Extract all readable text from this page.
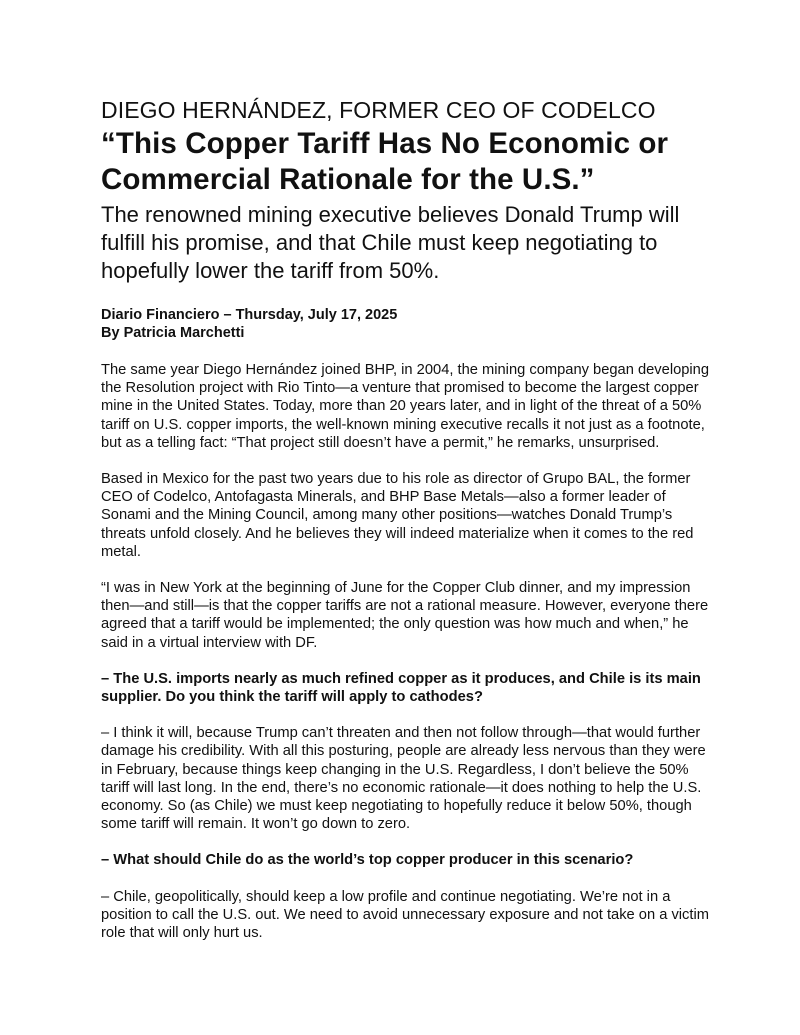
DIEGO HERNÁNDEZ, FORMER CEO OF CODELCO
“This Copper Tariff Has No Economic or Commercial Rationale for the U.S.”

The renowned mining executive believes Donald Trump will fulfill his promise, and that Chile must keep negotiating to hopefully lower the tariff from 50%.

Diario Financiero – Thursday, July 17, 2025
By Patricia Marchetti

The same year Diego Hernández joined BHP, in 2004, the mining company began developing the Resolution project with Rio Tinto—a venture that promised to become the largest copper mine in the United States. Today, more than 20 years later, and in light of the threat of a 50% tariff on U.S. copper imports, the well-known mining executive recalls it not just as a footnote, but as a telling fact: “That project still doesn’t have a permit,” he remarks, unsurprised.

Based in Mexico for the past two years due to his role as director of Grupo BAL, the former CEO of Codelco, Antofagasta Minerals, and BHP Base Metals—also a former leader of Sonami and the Mining Council, among many other positions—watches Donald Trump’s threats unfold closely. And he believes they will indeed materialize when it comes to the red metal.

“I was in New York at the beginning of June for the Copper Club dinner, and my impression then—and still—is that the copper tariffs are not a rational measure. However, everyone there agreed that a tariff would be implemented; the only question was how much and when,” he said in a virtual interview with DF.

– The U.S. imports nearly as much refined copper as it produces, and Chile is its main supplier. Do you think the tariff will apply to cathodes?

– I think it will, because Trump can’t threaten and then not follow through—that would further damage his credibility. With all this posturing, people are already less nervous than they were in February, because things keep changing in the U.S. Regardless, I don’t believe the 50% tariff will last long. In the end, there’s no economic rationale—it does nothing to help the U.S. economy. So (as Chile) we must keep negotiating to hopefully reduce it below 50%, though some tariff will remain. It won’t go down to zero.

– What should Chile do as the world’s top copper producer in this scenario?

– Chile, geopolitically, should keep a low profile and continue negotiating. We’re not in a position to call the U.S. out. We need to avoid unnecessary exposure and not take on a victim role that will only hurt us.
